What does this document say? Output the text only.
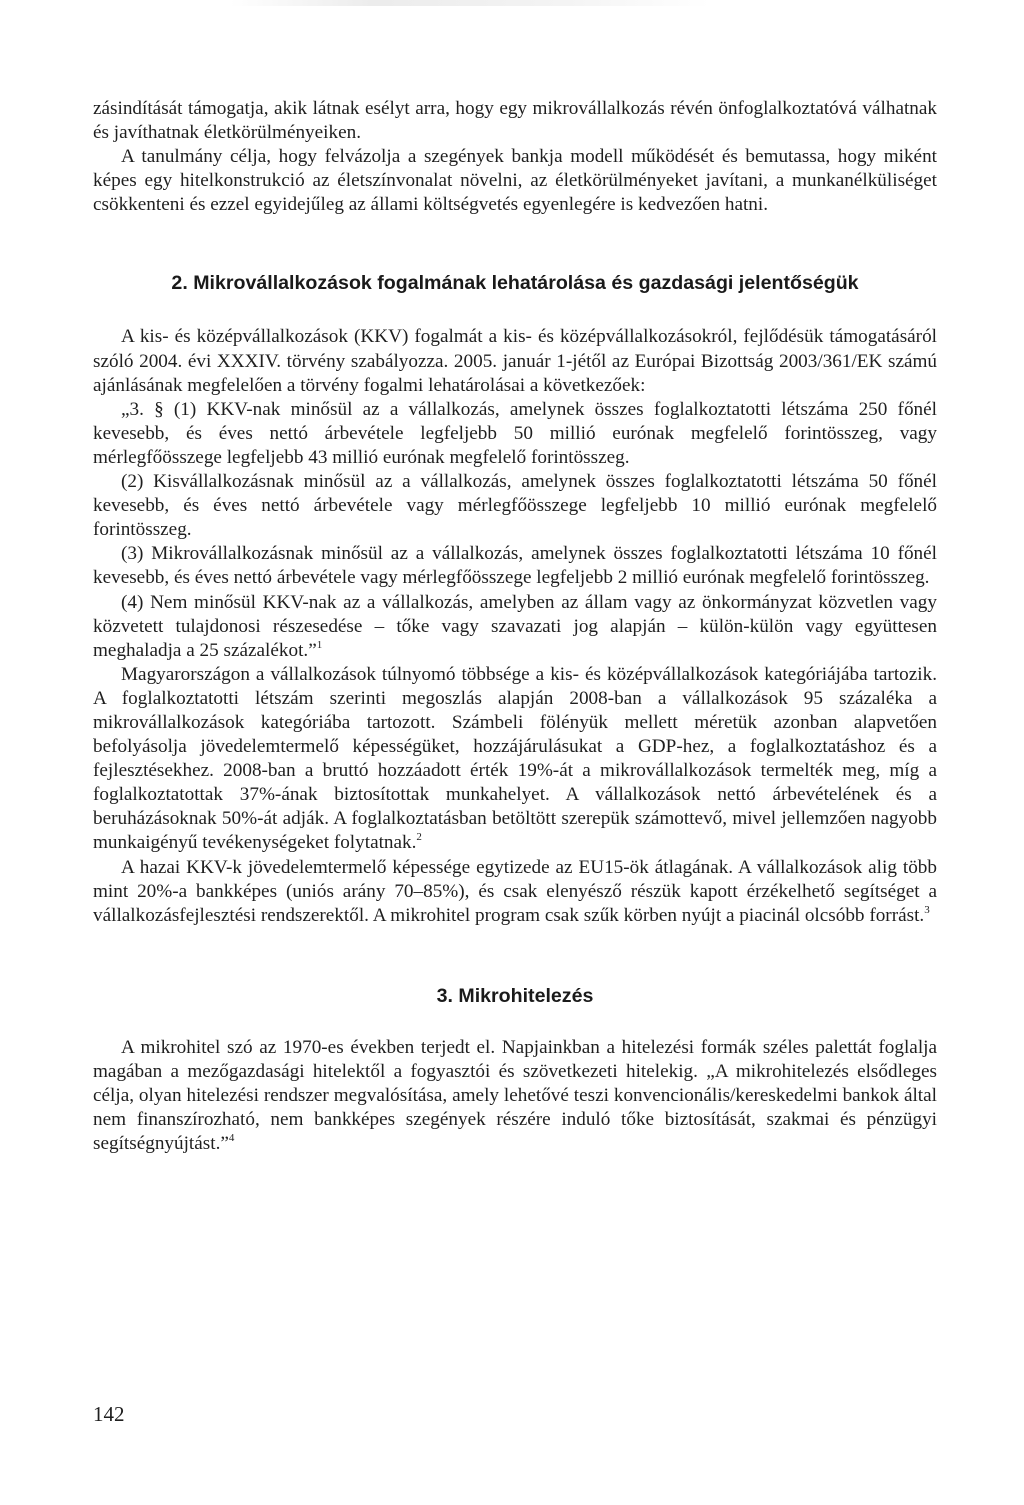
zásindítását támogatja, akik látnak esélyt arra, hogy egy mikrovállalkozás révén önfoglalkoztatóvá válhatnak és javíthatnak életkörülményeiken.

A tanulmány célja, hogy felvázolja a szegények bankja modell működését és bemutassa, hogy miként képes egy hitelkonstrukció az életszínvonalat növelni, az életkörülményeket javítani, a munkanélküliséget csökkenteni és ezzel egyidejűleg az állami költségvetés egyenlegére is kedvezően hatni.

2. Mikrovállalkozások fogalmának lehatárolása és gazdasági jelentőségük

A kis- és középvállalkozások (KKV) fogalmát a kis- és középvállalkozásokról, fejlődésük támogatásáról szóló 2004. évi XXXIV. törvény szabályozza. 2005. január 1-jétől az Európai Bizottság 2003/361/EK számú ajánlásának megfelelően a törvény fogalmi lehatárolásai a következőek:

„3. § (1) KKV-nak minősül az a vállalkozás, amelynek összes foglalkoztatotti létszáma 250 főnél kevesebb, és éves nettó árbevétele legfeljebb 50 millió eurónak megfelelő forintösszeg, vagy mérlegfőösszege legfeljebb 43 millió eurónak megfelelő forintösszeg.

(2) Kisvállalkozásnak minősül az a vállalkozás, amelynek összes foglalkoztatotti létszáma 50 főnél kevesebb, és éves nettó árbevétele vagy mérlegfőösszege legfeljebb 10 millió eurónak megfelelő forintösszeg.

(3) Mikrovállalkozásnak minősül az a vállalkozás, amelynek összes foglalkoztatotti létszáma 10 főnél kevesebb, és éves nettó árbevétele vagy mérlegfőösszege legfeljebb 2 millió eurónak megfelelő forintösszeg.

(4) Nem minősül KKV-nak az a vállalkozás, amelyben az állam vagy az önkormányzat közvetlen vagy közvetett tulajdonosi részesedése – tőke vagy szavazati jog alapján – külön-külön vagy együttesen meghaladja a 25 százalékot.”$^1$

Magyarországon a vállalkozások túlnyomó többsége a kis- és középvállalkozások kategóriájába tartozik. A foglalkoztatotti létszám szerinti megoszlás alapján 2008-ban a vállalkozások 95 százaléka a mikrovállalkozások kategóriába tartozott. Számbeli fölényük mellett méretük azonban alapvetően befolyásolja jövedelemtermelő képességüket, hozzájárulásukat a GDP-hez, a foglalkoztatáshoz és a fejlesztésekhez. 2008-ban a bruttó hozzáadott érték 19%-át a mikrovállalkozások termelték meg, míg a foglalkoztatottak 37%-ának biztosítottak munkahelyet. A vállalkozások nettó árbevételének és a beruházásoknak 50%-át adják. A foglalkoztatásban betöltött szerepük számottevő, mivel jellemzően nagyobb munkaigényű tevékenységeket folytatnak.$^2$

A hazai KKV-k jövedelemtermelő képessége egytizede az EU15-ök átlagának. A vállalkozások alig több mint 20%-a bankképes (uniós arány 70–85%), és csak elenyésző részük kapott érzékelhető segítséget a vállalkozásfejlesztési rendszerektől. A mikrohitel program csak szűk körben nyújt a piacinál olcsóbb forrást.$^3$

3. Mikrohitelezés

A mikrohitel szó az 1970-es években terjedt el. Napjainkban a hitelezési formák széles palettát foglalja magában a mezőgazdasági hitelektől a fogyasztói és szövetkezeti hitelekig. „A mikrohitelezés elsődleges célja, olyan hitelezési rendszer megvalósítása, amely lehetővé teszi konvencionális/kereskedelmi bankok által nem finanszírozható, nem bankképes szegények részére induló tőke biztosítását, szakmai és pénzügyi segítségnyújtást.”$^4$

142
